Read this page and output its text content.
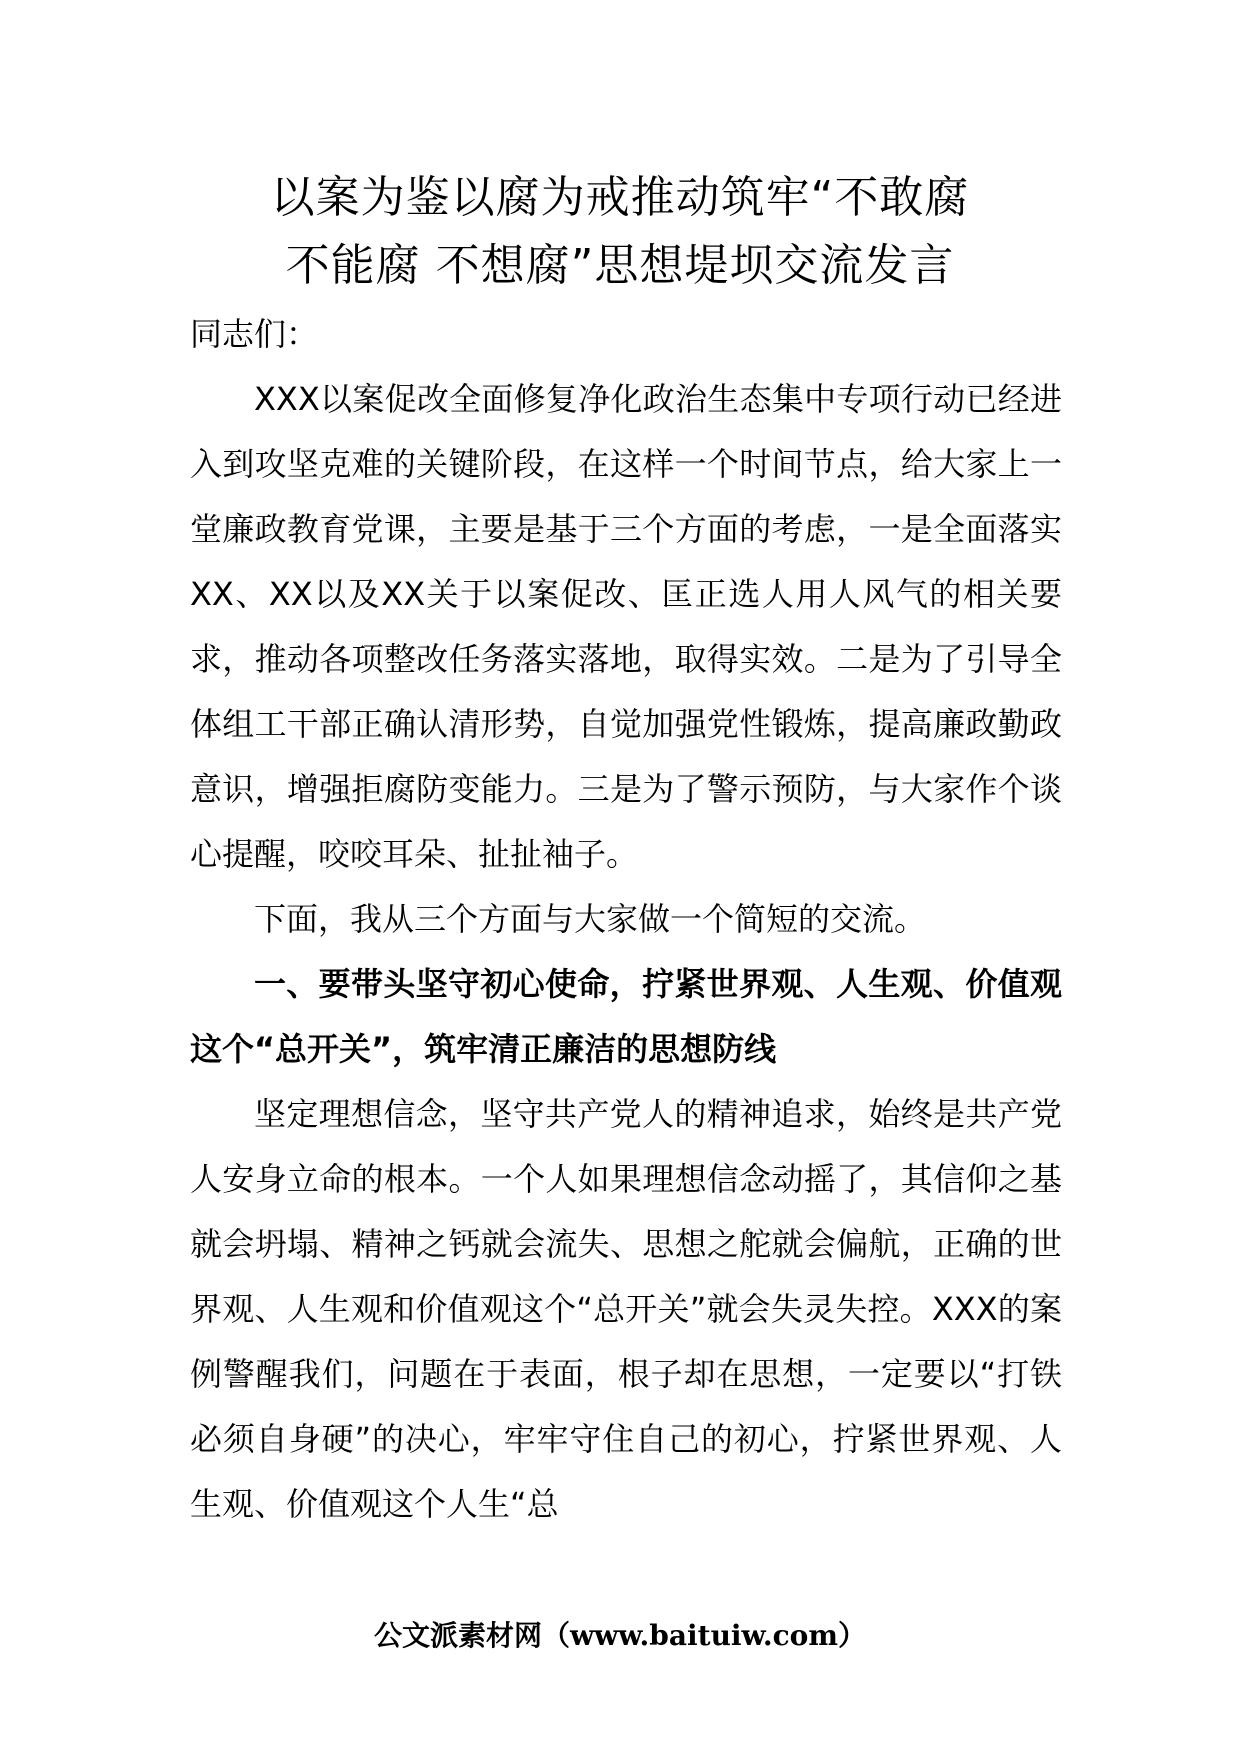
以案为鉴以腐为戒推动筑牢“不敢腐
不能腐 不想腐”思想堤坝交流发言

同志们：

XXX以案促改全面修复净化政治生态集中专项行动已经进入到攻坚克难的关键阶段，在这样一个时间节点，给大家上一堂廉政教育党课，主要是基于三个方面的考虑，一是全面落实XX、XX以及XX关于以案促改、匡正选人用人风气的相关要求，推动各项整改任务落实落地，取得实效。二是为了引导全体组工干部正确认清形势，自觉加强党性锻炼，提高廉政勤政意识，增强拒腐防变能力。三是为了警示预防，与大家作个谈心提醒，咬咬耳朵、扯扯袖子。

下面，我从三个方面与大家做一个简短的交流。

一、要带头坚守初心使命，拧紧世界观、人生观、价值观这个“总开关”，筑牢清正廉洁的思想防线

坚定理想信念，坚守共产党人的精神追求，始终是共产党人安身立命的根本。一个人如果理想信念动摇了，其信仰之基就会坍塌、精神之钙就会流失、思想之舵就会偏航，正确的世界观、人生观和价值观这个“总开关”就会失灵失控。XXX的案例警醒我们，问题在于表面，根子却在思想，一定要以“打铁必须自身硬”的决心，牢牢守住自己的初心，拧紧世界观、人生观、价值观这个人生“总

公文派素材网（www.baituiw.com）
